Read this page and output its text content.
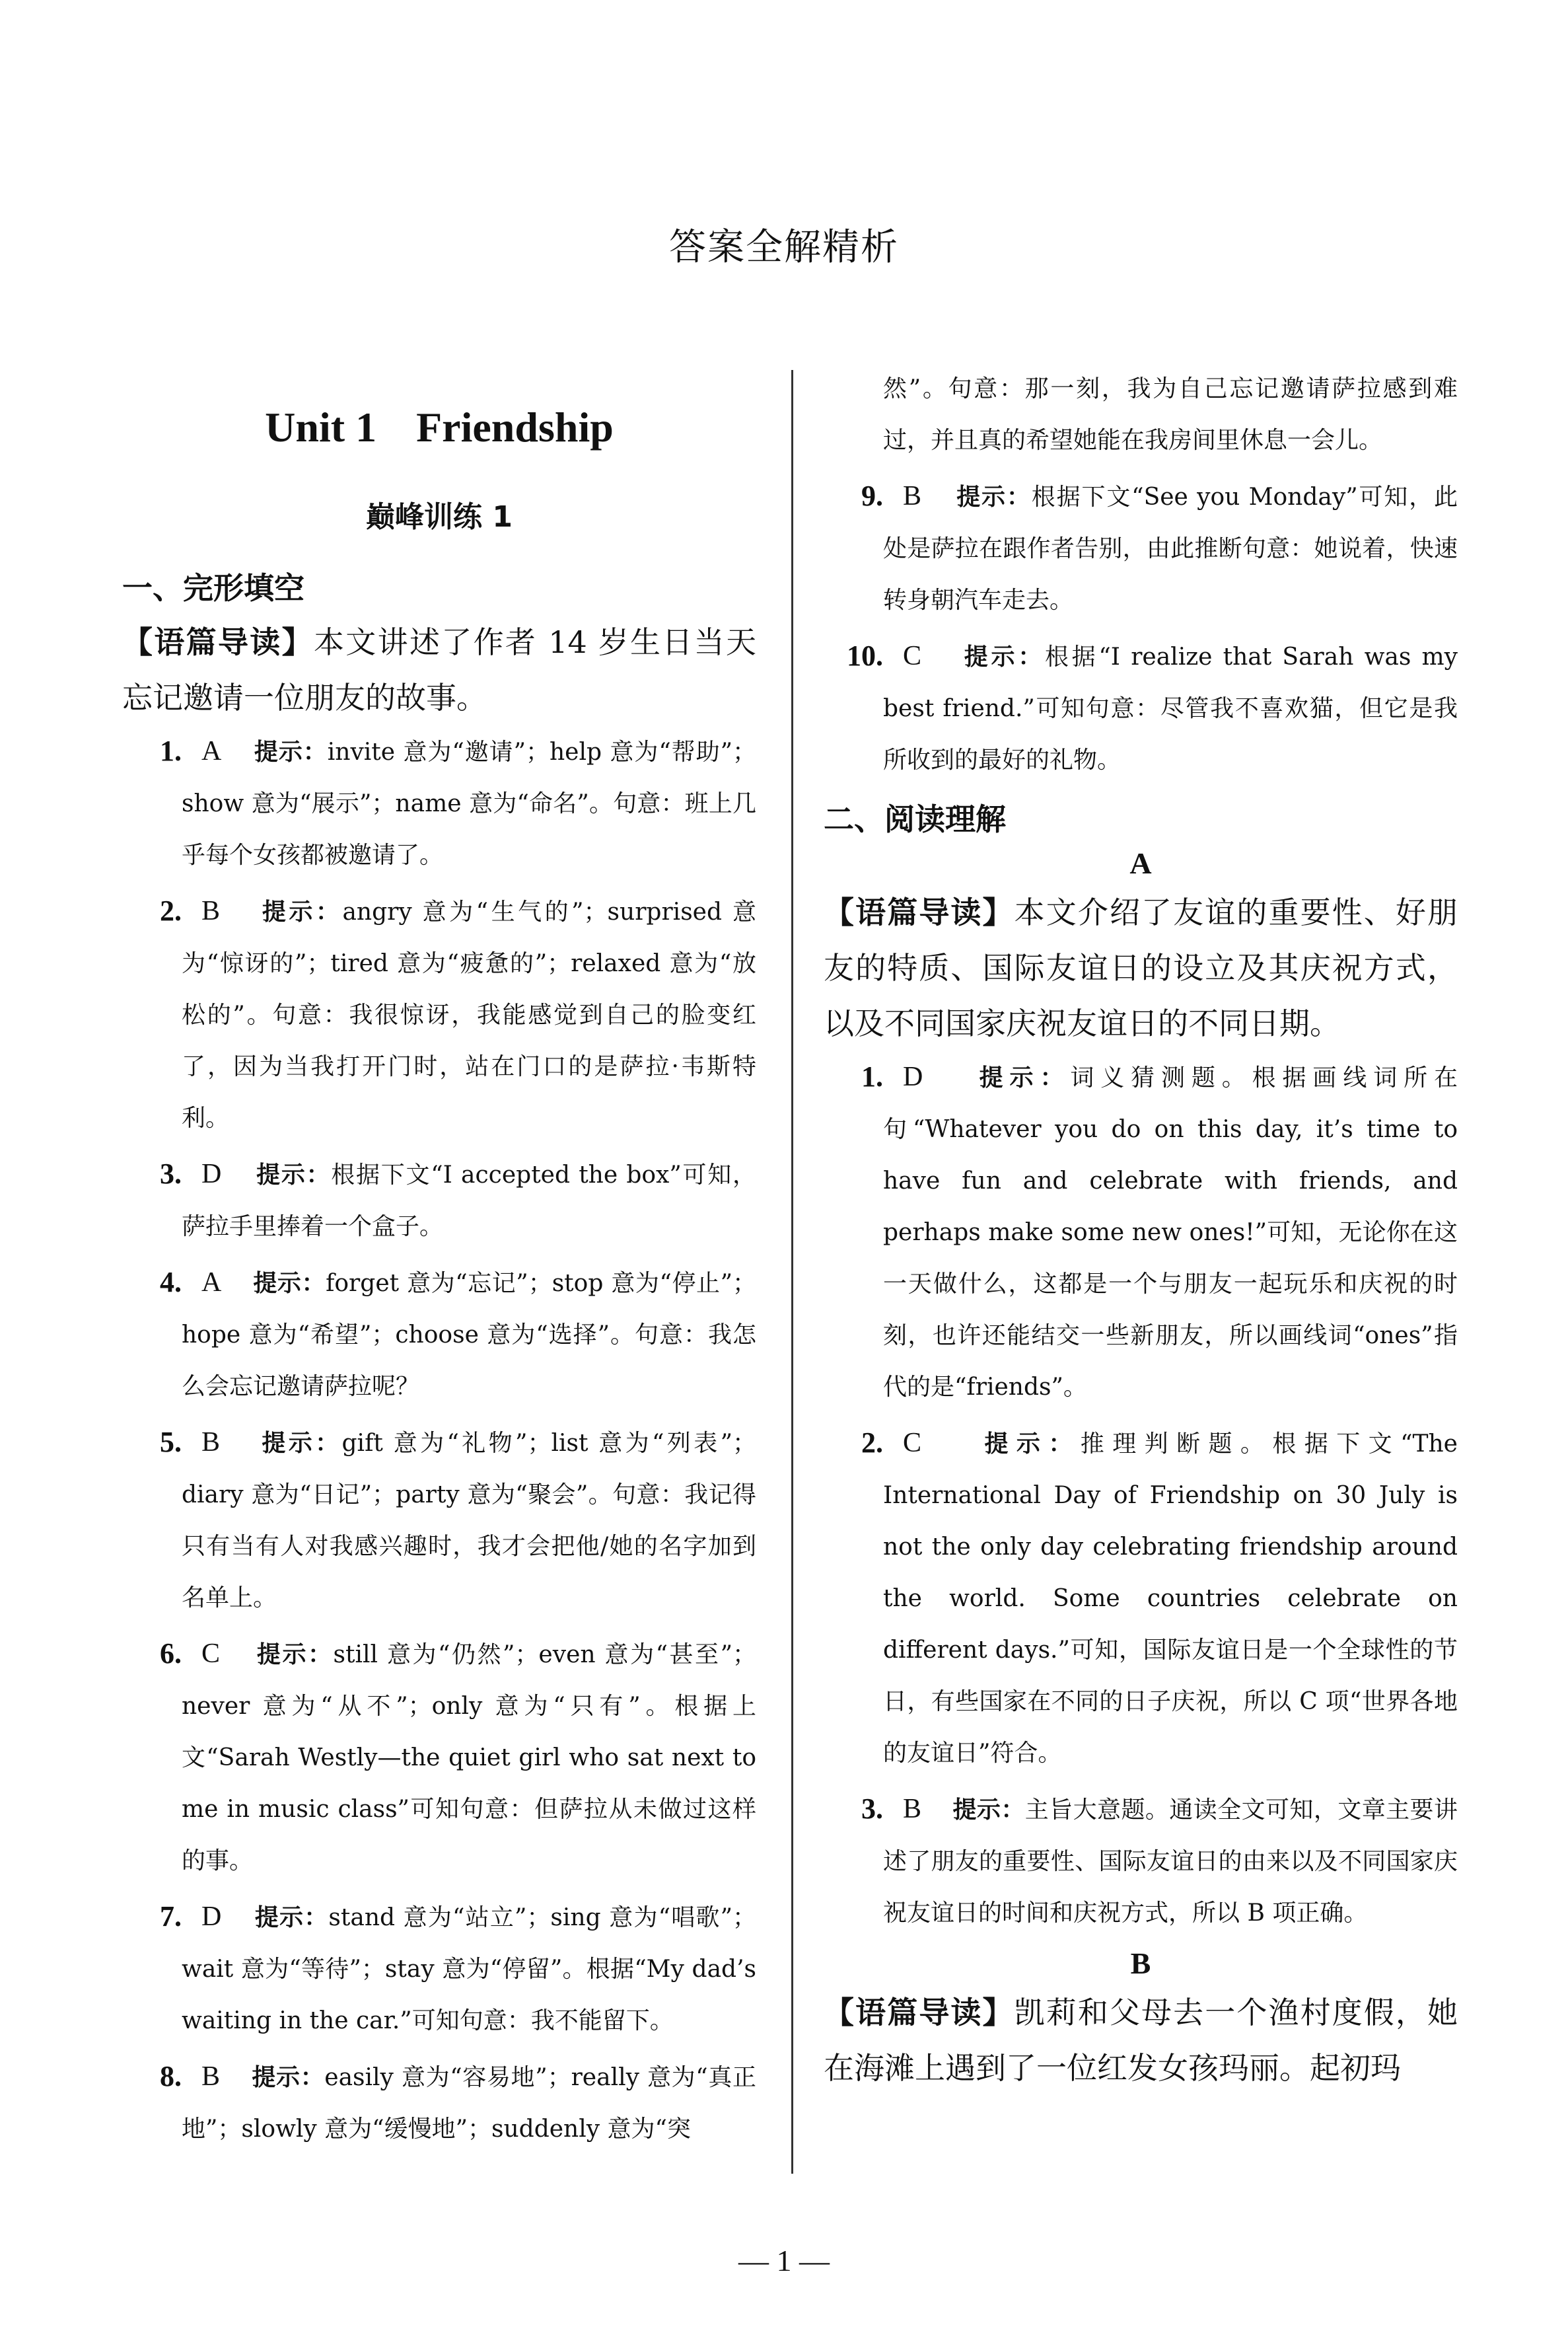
答案全解精析
Unit 1 Friendship
巅峰训练 1
一、完形填空
【语篇导读】本文讲述了作者 14 岁生日当天忘记邀请一位朋友的故事。
1. A 提示：invite 意为“邀请”；help 意为“帮助”；show 意为“展示”；name 意为“命名”。句意：班上几乎每个女孩都被邀请了。
2. B 提示：angry 意为“生气的”；surprised 意为“惊讶的”；tired 意为“疲惫的”；relaxed 意为“放松的”。句意：我很惊讶，我能感觉到自己的脸变红了，因为当我打开门时，站在门口的是萨拉·韦斯特利。
3. D 提示：根据下文“I accepted the box”可知，萨拉手里捧着一个盒子。
4. A 提示：forget 意为“忘记”；stop 意为“停止”；hope 意为“希望”；choose 意为“选择”。句意：我怎么会忘记邀请萨拉呢？
5. B 提示：gift 意为“礼物”；list 意为“列表”；diary 意为“日记”；party 意为“聚会”。句意：我记得只有当有人对我感兴趣时，我才会把他/她的名字加到名单上。
6. C 提示：still 意为“仍然”；even 意为“甚至”；never 意为“从不”；only 意为“只有”。根据上文“Sarah Westly—the quiet girl who sat next to me in music class”可知句意：但萨拉从未做过这样的事。
7. D 提示：stand 意为“站立”；sing 意为“唱歌”；wait 意为“等待”；stay 意为“停留”。根据“My dad’s waiting in the car.”可知句意：我不能留下。
8. B 提示：easily 意为“容易地”；really 意为“真正地”；slowly 意为“缓慢地”；suddenly 意为“突
然”。句意：那一刻，我为自己忘记邀请萨拉感到难过，并且真的希望她能在我房间里休息一会儿。
9. B 提示：根据下文“See you Monday”可知，此处是萨拉在跟作者告别，由此推断句意：她说着，快速转身朝汽车走去。
10. C 提示：根据“I realize that Sarah was my best friend.”可知句意：尽管我不喜欢猫，但它是我所收到的最好的礼物。
二、阅读理解
A
【语篇导读】本文介绍了友谊的重要性、好朋友的特质、国际友谊日的设立及其庆祝方式，以及不同国家庆祝友谊日的不同日期。
1. D 提示：词义猜测题。根据画线词所在句“Whatever you do on this day, it’s time to have fun and celebrate with friends, and perhaps make some new ones!”可知，无论你在这一天做什么，这都是一个与朋友一起玩乐和庆祝的时刻，也许还能结交一些新朋友，所以画线词“ones”指代的是“friends”。
2. C	提示：推理判断题。根据下文“The International Day of Friendship on 30 July is not the only day celebrating friendship around the world. Some countries celebrate on different days.”可知，国际友谊日是一个全球性的节日，有些国家在不同的日子庆祝，所以 C 项“世界各地的友谊日”符合。
3. B 提示：主旨大意题。通读全文可知，文章主要讲述了朋友的重要性、国际友谊日的由来以及不同国家庆祝友谊日的时间和庆祝方式，所以 B 项正确。
B
【语篇导读】凯莉和父母去一个渔村度假，她在海滩上遇到了一位红发女孩玛丽。起初玛
— 1 —
